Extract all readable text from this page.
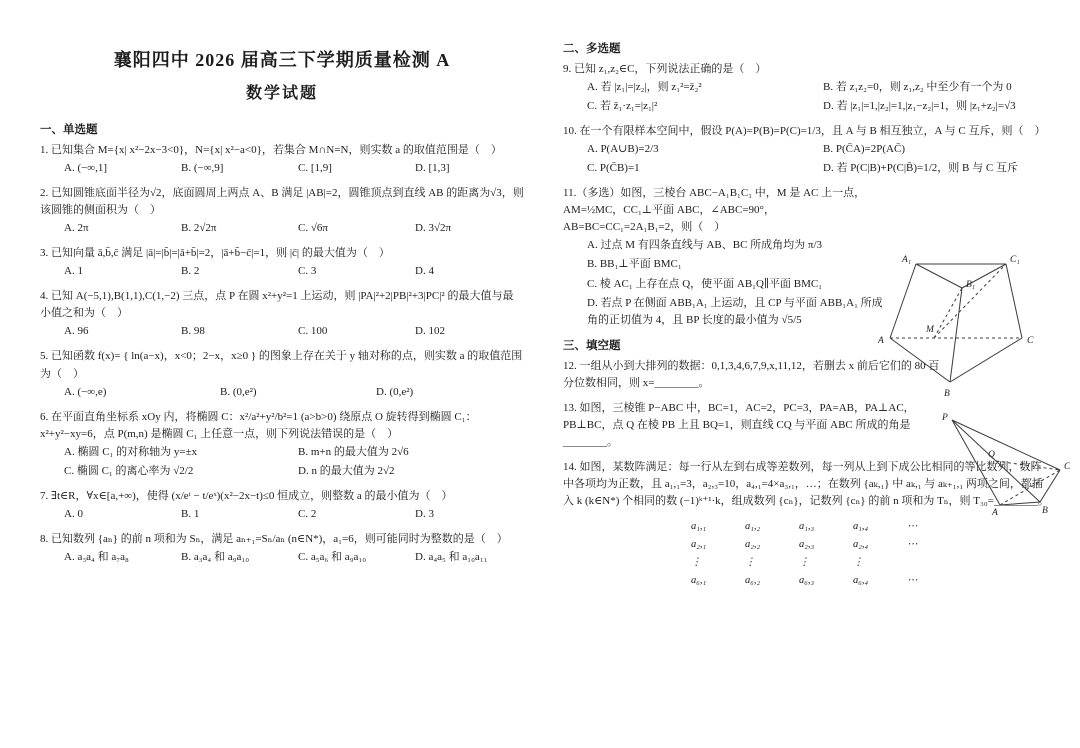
襄阳四中 2026 届高三下学期质量检测 A
数学试题
一、单选题
1. 已知集合 M={x| x²−2x−3<0}，N={x| x²−a<0}，若集合 M∩N=N，则实数 a 的取值范围是（　）
A. (−∞,1]	B. (−∞,9]	C. [1,9]	D. [1,3]
2. 已知圆锥底面半径为√2，底面圆周上两点 A、B 满足 |AB|=2，圆锥顶点到直线 AB 的距离为√3，则该圆锥的侧面积为（　）
A. 2π	B. 2√2π	C. √6π	D. 3√2π
3. 已知向量 ā,b̄,c̄ 满足 |ā|=|b̄|=|ā+b̄|=2，|ā+b̄−c̄|=1，则 |c̄| 的最大值为（　）
A. 1	B. 2	C. 3	D. 4
4. 已知 A(−5,1),B(1,1),C(1,−2) 三点，点 P 在圆 x²+y²=1 上运动，则 |PA|²+2|PB|²+3|PC|² 的最大值与最小值之和为（　）
A. 96	B. 98	C. 100	D. 102
5. 已知函数 f(x)= { ln(a−x)，x<0；2−x，x≥0 } 的图象上存在关于 y 轴对称的点，则实数 a 的取值范围为（　）
A. (−∞,e)	B. (0,e²)	D. (0,e²)
6. 在平面直角坐标系 xOy 内，将椭圆 C：x²/a²+y²/b²=1 (a>b>0) 绕原点 O 旋转得到椭圆 C₁：x²+y²−xy=6，点 P(m,n) 是椭圆 C₁ 上任意一点，则下列说法错误的是（　）
A. 椭圆 C₁ 的对称轴为 y=±x	B. m+n 的最大值为 2√6
C. 椭圆 C₁ 的离心率为 √2/2	D. n 的最大值为 2√2
7. ∃t∈R，∀x∈[a,+∞)，使得 (x/eᵗ − t/eˣ)(x²−2x−t)≤0 恒成立，则整数 a 的最小值为（　）
A. 0	B. 1	C. 2	D. 3
8. 已知数列 {aₙ} 的前 n 项和为 Sₙ，满足 aₙ₊₁=Sₙ/aₙ (n∈N*)，a₁=6，则可能同时为整数的是（　）
A. a₃a₄ 和 a₇a₈	B. a₃a₄ 和 a₉a₁₀	C. a₅a₆ 和 a₉a₁₀	D. a₄a₅ 和 a₁₀a₁₁
二、多选题
9. 已知 z₁,z₂∈C，下列说法正确的是（　）
A. 若 |z₁|=|z₂|，则 z₁²=z̄₂²	B. 若 z₁z₂=0，则 z₁,z₂ 中至少有一个为 0
C. 若 z̄₁·z₁=|z₁|²	D. 若 |z₁|=1,|z₂|=1,|z₁−z₂|=1，则 |z₁+z₂|=√3
10. 在一个有限样本空间中，假设 P(A)=P(B)=P(C)=1/3，且 A 与 B 相互独立，A 与 C 互斥，则（　）
A. P(A∪B)=2/3	B. P(C̄A)=2P(AC̄)
C. P(C̄B)=1	D. 若 P(C|B)+P(C|B̄)=1/2，则 B 与 C 互斥
11.（多选）如图，三棱台 ABC−A₁B₁C₁ 中，M 是 AC 上一点，AM=½MC，CC₁⊥平面 ABC，∠ABC=90°，AB=BC=CC₁=2A₁B₁=2，则（　）
A. 过点 M 有四条直线与 AB、BC 所成角均为 π/3
B. BB₁⊥平面 BMC₁
C. 棱 AC₁ 上存在点 Q，使平面 AB₁Q∥平面 BMC₁
D. 若点 P 在侧面 ABB₁A₁ 上运动，且 CP 与平面 ABB₁A₁ 所成角的正切值为 4，且 BP 长度的最小值为 √5/5
三、填空题
12. 一组从小到大排列的数据：0,1,3,4,6,7,9,x,11,12，若删去 x 前后它们的 80 百分位数相同，则 x=________。
13. 如图，三棱锥 P−ABC 中，BC=1，AC=2，PC=3，PA=AB，PA⊥AC，PB⊥BC，点 Q 在棱 PB 上且 BQ=1，则直线 CQ 与平面 ABC 所成的角是________。
14. 如图，某数阵满足：每一行从左到右成等差数列，每一列从上到下成公比相同的等比数列，数阵中各项均为正数，且 a₁,₁=3，a₂,₃=10，a₄,₁=4×a₃,₁，…；在数列 {aₖ,₁} 中 aₖ,₁ 与 aₖ₊₁,₁ 两项之间，都插入 k (k∈N*) 个相同的数 (−1)ᵏ⁺¹·k，组成数列 {cₙ}，记数列 {cₙ} 的前 n 项和为 Tₙ，则 T₃₀=________。
a₁,₁	a₁,₂	a₁,₃	a₁,₄	⋯
a₂,₁	a₂,₂	a₂,₃	a₂,₄	⋯
⋮	⋮	⋮	⋮
a₆,₁	a₆,₂	a₆,₃	a₆,₄	⋯
A₁	C₁
B₁
A
M
C
B
P
Q
A	B
C
